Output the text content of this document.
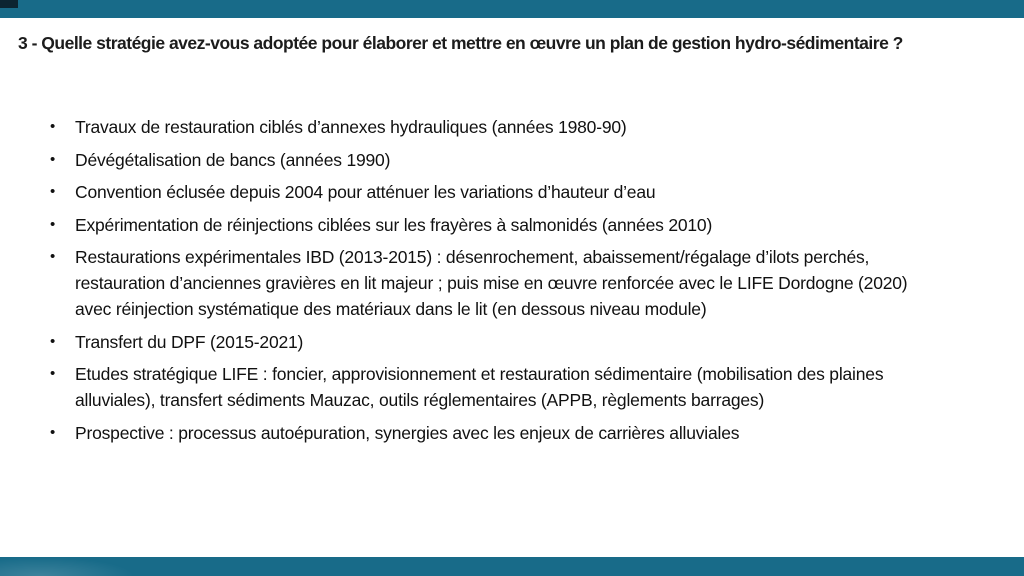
3 - Quelle stratégie avez-vous adoptée pour élaborer et mettre en œuvre un plan de gestion hydro-sédimentaire ?
• Travaux de restauration ciblés d’annexes hydrauliques (années 1980-90)
• Dévégétalisation de bancs (années 1990)
• Convention éclusée depuis 2004 pour atténuer les variations d’hauteur d’eau
• Expérimentation de réinjections ciblées sur les frayères à salmonidés (années 2010)
• Restaurations expérimentales IBD (2013-2015) : désenrochement, abaissement/régalage d’ilots perchés, restauration d’anciennes gravières en lit majeur ; puis mise en œuvre renforcée avec le LIFE Dordogne (2020) avec réinjection systématique des matériaux dans le lit (en dessous niveau module)
• Transfert du DPF (2015-2021)
• Etudes stratégique LIFE : foncier, approvisionnement et restauration sédimentaire (mobilisation des plaines alluviales), transfert sédiments Mauzac, outils réglementaires (APPB, règlements barrages)
• Prospective : processus autoépuration, synergies avec les enjeux de carrières alluviales
